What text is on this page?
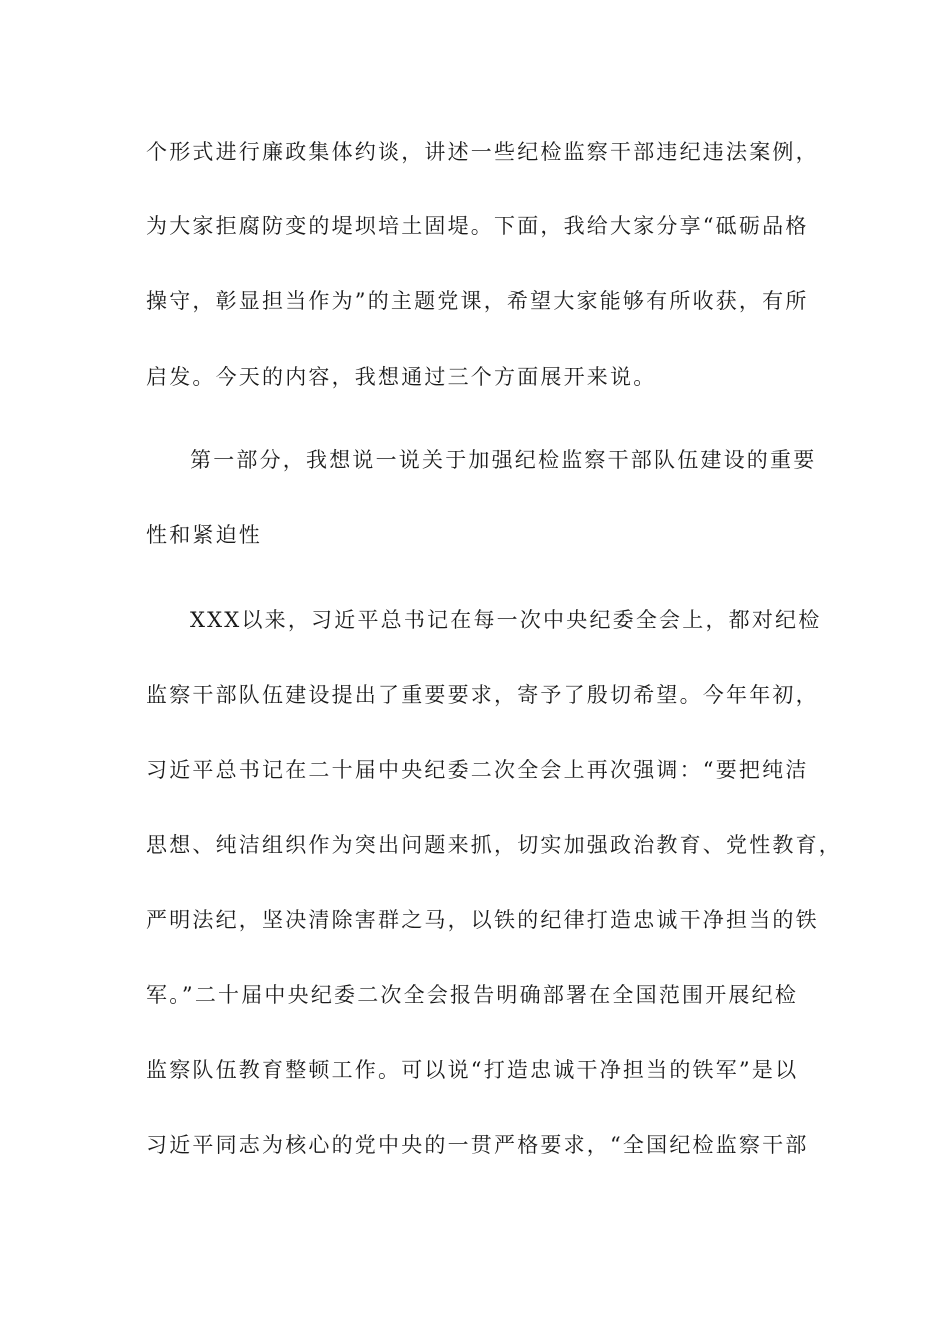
个形式进行廉政集体约谈，讲述一些纪检监察干部违纪违法案例，
为大家拒腐防变的堤坝培土固堤。下面，我给大家分享“砥砺品格
操守，彰显担当作为”的主题党课，希望大家能够有所收获，有所
启发。今天的内容，我想通过三个方面展开来说。
第一部分，我想说一说关于加强纪检监察干部队伍建设的重要
性和紧迫性
XXX以来，习近平总书记在每一次中央纪委全会上，都对纪检
监察干部队伍建设提出了重要要求，寄予了殷切希望。今年年初，
习近平总书记在二十届中央纪委二次全会上再次强调：“要把纯洁
思想、纯洁组织作为突出问题来抓，切实加强政治教育、党性教育，
严明法纪，坚决清除害群之马，以铁的纪律打造忠诚干净担当的铁
军。”二十届中央纪委二次全会报告明确部署在全国范围开展纪检
监察队伍教育整顿工作。可以说“打造忠诚干净担当的铁军”是以
习近平同志为核心的党中央的一贯严格要求，“全国纪检监察干部
